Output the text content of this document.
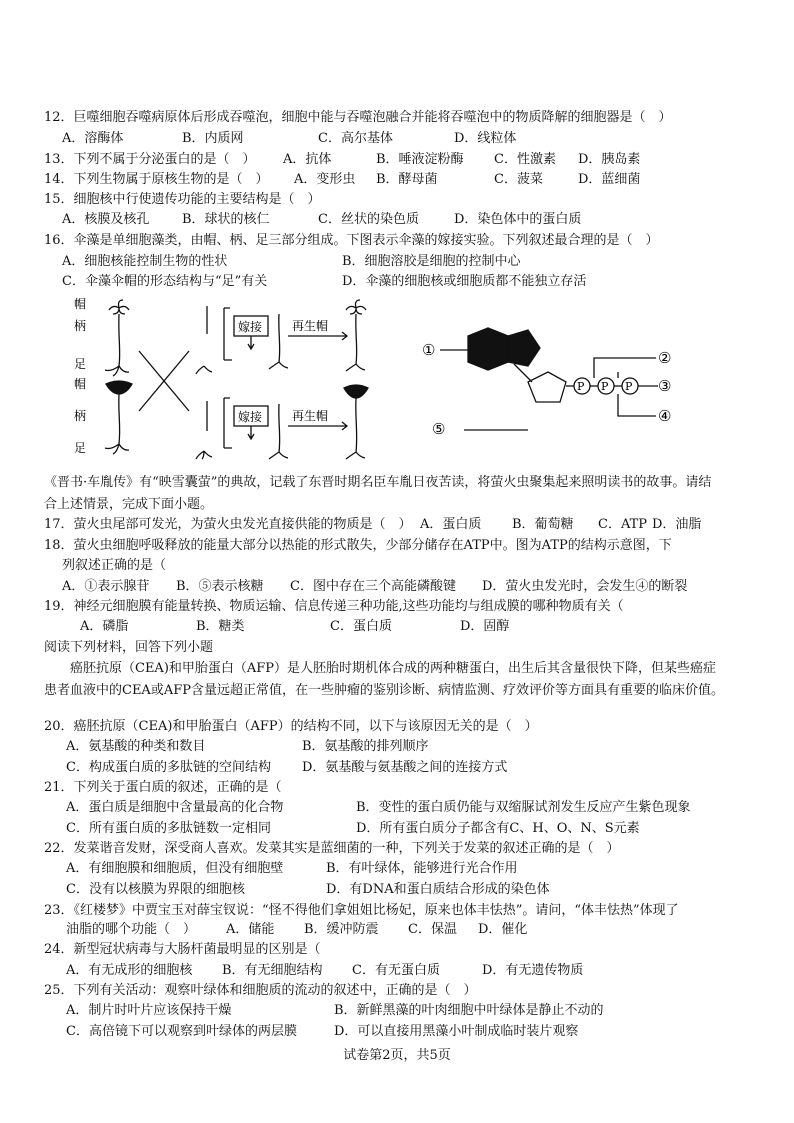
12．巨噬细胞吞噬病原体后形成吞噬泡，细胞中能与吞噬泡融合并能将吞噬泡中的物质降解的细胞器是（　）
A．溶酶体	B．内质网	C．高尔基体	D．线粒体
13．下列不属于分泌蛋白的是（　） A．抗体	B．唾液淀粉酶 C．性激素 D．胰岛素
14．下列生物属于原核生物的是（　） A．变形虫 B．酵母菌	C．菠菜	D．蓝细菌
15．细胞核中行使遗传功能的主要结构是（　）
A．核膜及核孔	B．球状的核仁	C．丝状的染色质	D．染色体中的蛋白质
16．伞藻是单细胞藻类，由帽、柄、足三部分组成。下图表示伞藻的嫁接实验。下列叙述最合理的是（　）
A．细胞核能控制生物的性状	B．细胞溶胶是细胞的控制中心
C．伞藻伞帽的形态结构与“足”有关	D．伞藻的细胞核或细胞质都不能独立存活
帽
柄
足
帽
柄
足
嫁接
嫁接
再生帽
再生帽
P P P
①	②
③
④
⑤
《晋书·车胤传》有“映雪囊萤”的典故，记载了东晋时期名臣车胤日夜苦读，将萤火虫聚集起来照明读书的故事。请结合上述情景，完成下面小题。
17．萤火虫尾部可发光，为萤火虫发光直接供能的物质是（　） A．蛋白质 B．葡萄糖 C．ATP D．油脂
18．萤火虫细胞呼吸释放的能量大部分以热能的形式散失，少部分储存在ATP中。图为ATP的结构示意图，下
列叙述正确的是（
A．①表示腺苷 B．⑤表示核糖 C．图中存在三个高能磷酸键 D．萤火虫发光时，会发生④的断裂
19．神经元细胞膜有能量转换、物质运输、信息传递三种功能,这些功能均与组成膜的哪种物质有关（
A．磷脂	B．糖类	C．蛋白质	D．固醇
阅读下列材料，回答下列小题
　　癌胚抗原（CEA)和甲胎蛋白（AFP）是人胚胎时期机体合成的两种糖蛋白，出生后其含量很快下降，但某些癌症患者血液中的CEA或AFP含量远超正常值，在一些肿瘤的鉴别诊断、病情监测、疗效评价等方面具有重要的临床价值。
20．癌胚抗原（CEA)和甲胎蛋白（AFP）的结构不同，以下与该原因无关的是（　）
A．氨基酸的种类和数目	B．氨基酸的排列顺序
C．构成蛋白质的多肽链的空间结构 D．氨基酸与氨基酸之间的连接方式
21．下列关于蛋白质的叙述，正确的是（
A．蛋白质是细胞中含量最高的化合物	B．变性的蛋白质仍能与双缩脲试剂发生反应产生紫色现象
C．所有蛋白质的多肽链数一定相同	D．所有蛋白质分子都含有C、H、O、N、S元素
22．发菜谐音发财，深受商人喜欢。发菜其实是蓝细菌的一种，下列关于发菜的叙述正确的是（　）
A．有细胞膜和细胞质，但没有细胞壁	B．有叶绿体，能够进行光合作用
C．没有以核膜为界限的细胞核	D．有DNA和蛋白质结合形成的染色体
23．《红楼梦》中贾宝玉对薛宝钗说：“怪不得他们拿姐姐比杨妃，原来也体丰怯热”。请问，“体丰怯热”体现了
油脂的哪个功能（　） A．储能 B．缓冲防震 C．保温 D．催化
24．新型冠状病毒与大肠杆菌最明显的区别是（
A．有无成形的细胞核 B．有无细胞结构 C．有无蛋白质	D．有无遗传物质
25．下列有关活动：观察叶绿体和细胞质的流动的叙述中，正确的是（　）
A．制片时叶片应该保持干燥	B．新鲜黑藻的叶肉细胞中叶绿体是静止不动的
C．高倍镜下可以观察到叶绿体的两层膜	D．可以直接用黑藻小叶制成临时装片观察
试卷第2页，共5页
